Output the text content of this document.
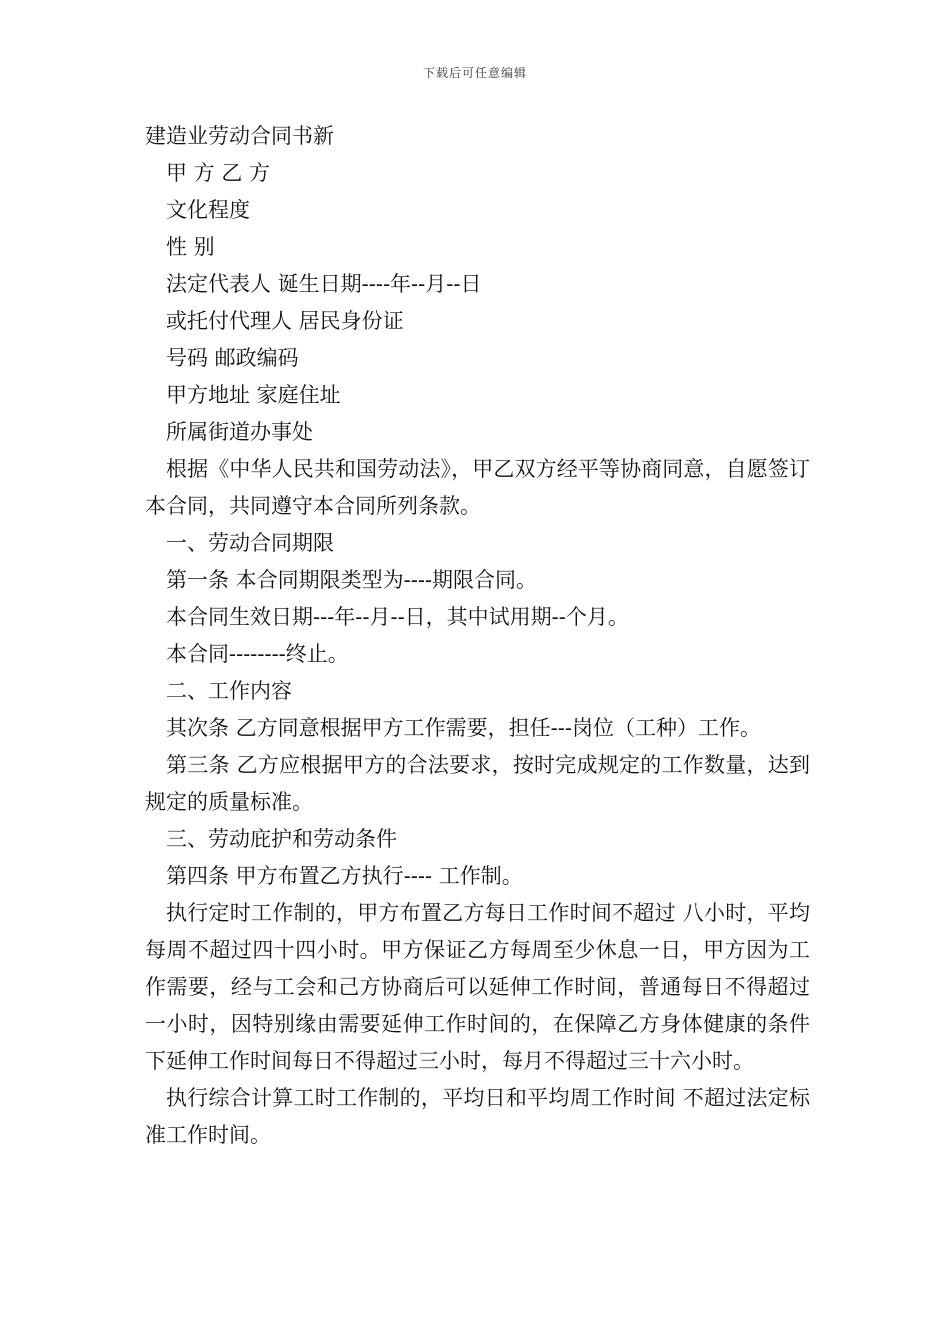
下载后可任意编辑
建造业劳动合同书新
甲 方 乙 方
文化程度
性 别
法定代表人 诞生日期----年--月--日
或托付代理人 居民身份证
号码 邮政编码
甲方地址 家庭住址
所属街道办事处

根据《中华人民共和国劳动法》，甲乙双方经平等协商同意，自愿签订本合同，共同遵守本合同所列条款。

一、劳动合同期限
第一条 本合同期限类型为----期限合同。
本合同生效日期---年--月--日，其中试用期--个月。
本合同--------终止。
二、工作内容
其次条 乙方同意根据甲方工作需要，担任---岗位（工种）工作。

第三条 乙方应根据甲方的合法要求，按时完成规定的工作数量，达到规定的质量标准。

三、劳动庇护和劳动条件
第四条 甲方布置乙方执行---- 工作制。

执行定时工作制的，甲方布置乙方每日工作时间不超过 八小时，平均每周不超过四十四小时。甲方保证乙方每周至少休息一日，甲方因为工作需要，经与工会和己方协商后可以延伸工作时间，普通每日不得超过一小时，因特别缘由需要延伸工作时间的，在保障乙方身体健康的条件下延伸工作时间每日不得超过三小时，每月不得超过三十六小时。

执行综合计算工时工作制的，平均日和平均周工作时间 不超过法定标准工作时间。
